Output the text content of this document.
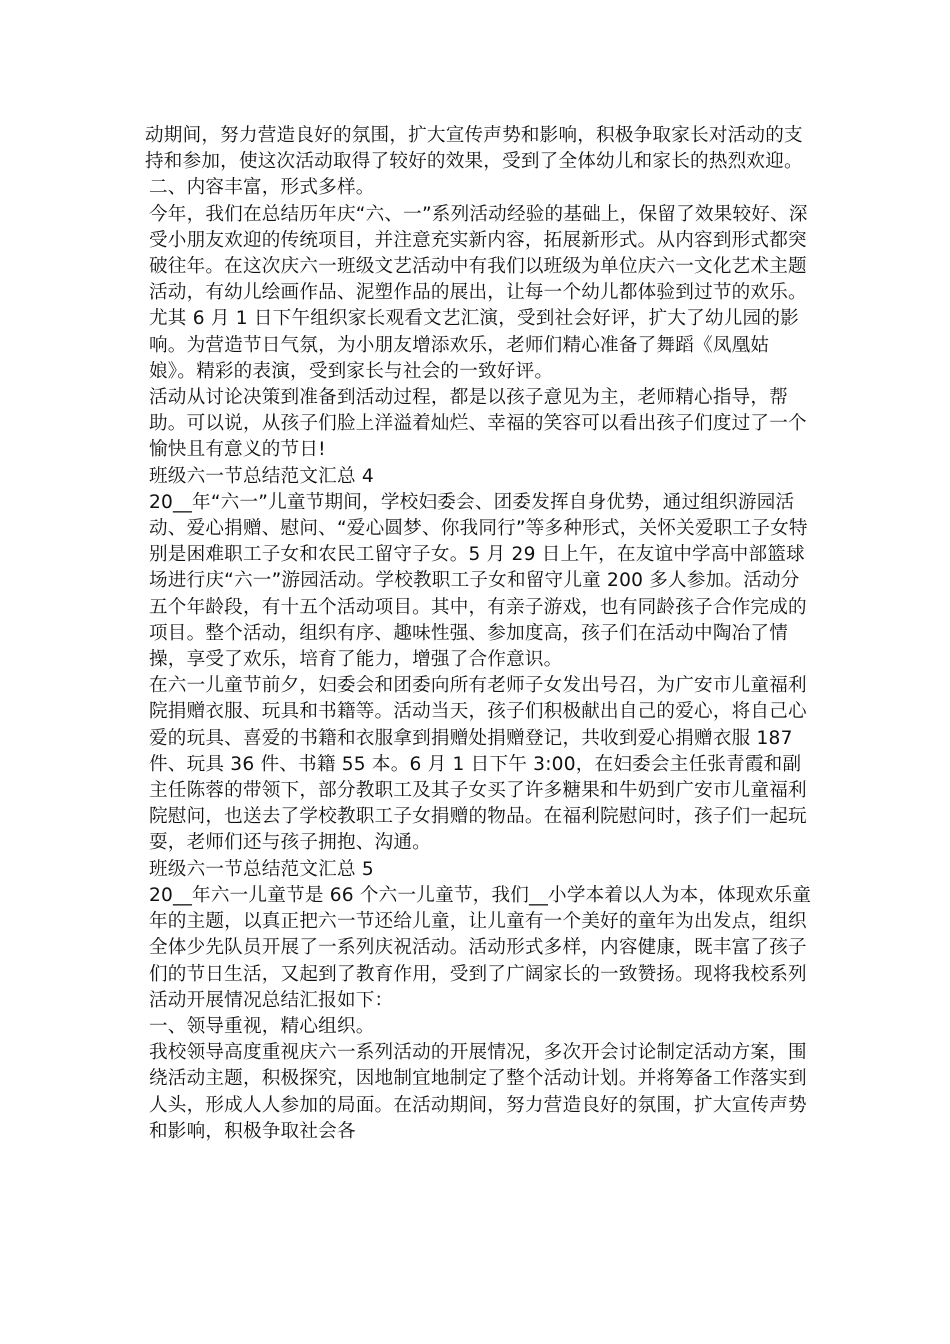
动期间，努力营造良好的氛围，扩大宣传声势和影响，积极争取家长对活动的支持和参加，使这次活动取得了较好的效果，受到了全体幼儿和家长的热烈欢迎。

二、内容丰富，形式多样。

今年，我们在总结历年庆“六、一”系列活动经验的基础上，保留了效果较好、深受小朋友欢迎的传统项目，并注意充实新内容，拓展新形式。从内容到形式都突破往年。在这次庆六一班级文艺活动中有我们以班级为单位庆六一文化艺术主题活动，有幼儿绘画作品、泥塑作品的展出，让每一个幼儿都体验到过节的欢乐。尤其 6 月 1 日下午组织家长观看文艺汇演，受到社会好评，扩大了幼儿园的影响。为营造节日气氛，为小朋友增添欢乐，老师们精心准备了舞蹈《凤凰姑娘》。精彩的表演，受到家长与社会的一致好评。

活动从讨论决策到准备到活动过程，都是以孩子意见为主，老师精心指导，帮助。可以说，从孩子们脸上洋溢着灿烂、幸福的笑容可以看出孩子们度过了一个愉快且有意义的节日!

班级六一节总结范文汇总 4

20__年“六一”儿童节期间，学校妇委会、团委发挥自身优势，通过组织游园活动、爱心捐赠、慰问、“爱心圆梦、你我同行”等多种形式，关怀关爱职工子女特别是困难职工子女和农民工留守子女。5 月 29 日上午，在友谊中学高中部篮球场进行庆“六一”游园活动。学校教职工子女和留守儿童 200 多人参加。活动分五个年龄段，有十五个活动项目。其中，有亲子游戏，也有同龄孩子合作完成的项目。整个活动，组织有序、趣味性强、参加度高，孩子们在活动中陶冶了情操，享受了欢乐，培育了能力，增强了合作意识。

在六一儿童节前夕，妇委会和团委向所有老师子女发出号召，为广安市儿童福利院捐赠衣服、玩具和书籍等。活动当天，孩子们积极献出自己的爱心，将自己心爱的玩具、喜爱的书籍和衣服拿到捐赠处捐赠登记，共收到爱心捐赠衣服 187 件、玩具 36 件、书籍 55 本。6 月 1 日下午 3:00，在妇委会主任张青霞和副主任陈蓉的带领下，部分教职工及其子女买了许多糖果和牛奶到广安市儿童福利院慰问，也送去了学校教职工子女捐赠的物品。在福利院慰问时，孩子们一起玩耍，老师们还与孩子拥抱、沟通。

班级六一节总结范文汇总 5

20__年六一儿童节是 66 个六一儿童节，我们__小学本着以人为本，体现欢乐童年的主题，以真正把六一节还给儿童，让儿童有一个美好的童年为出发点，组织全体少先队员开展了一系列庆祝活动。活动形式多样，内容健康，既丰富了孩子们的节日生活，又起到了教育作用，受到了广阔家长的一致赞扬。现将我校系列活动开展情况总结汇报如下：

一、领导重视，精心组织。

我校领导高度重视庆六一系列活动的开展情况，多次开会讨论制定活动方案，围绕活动主题，积极探究，因地制宜地制定了整个活动计划。并将筹备工作落实到人头，形成人人参加的局面。在活动期间，努力营造良好的氛围，扩大宣传声势和影响，积极争取社会各
